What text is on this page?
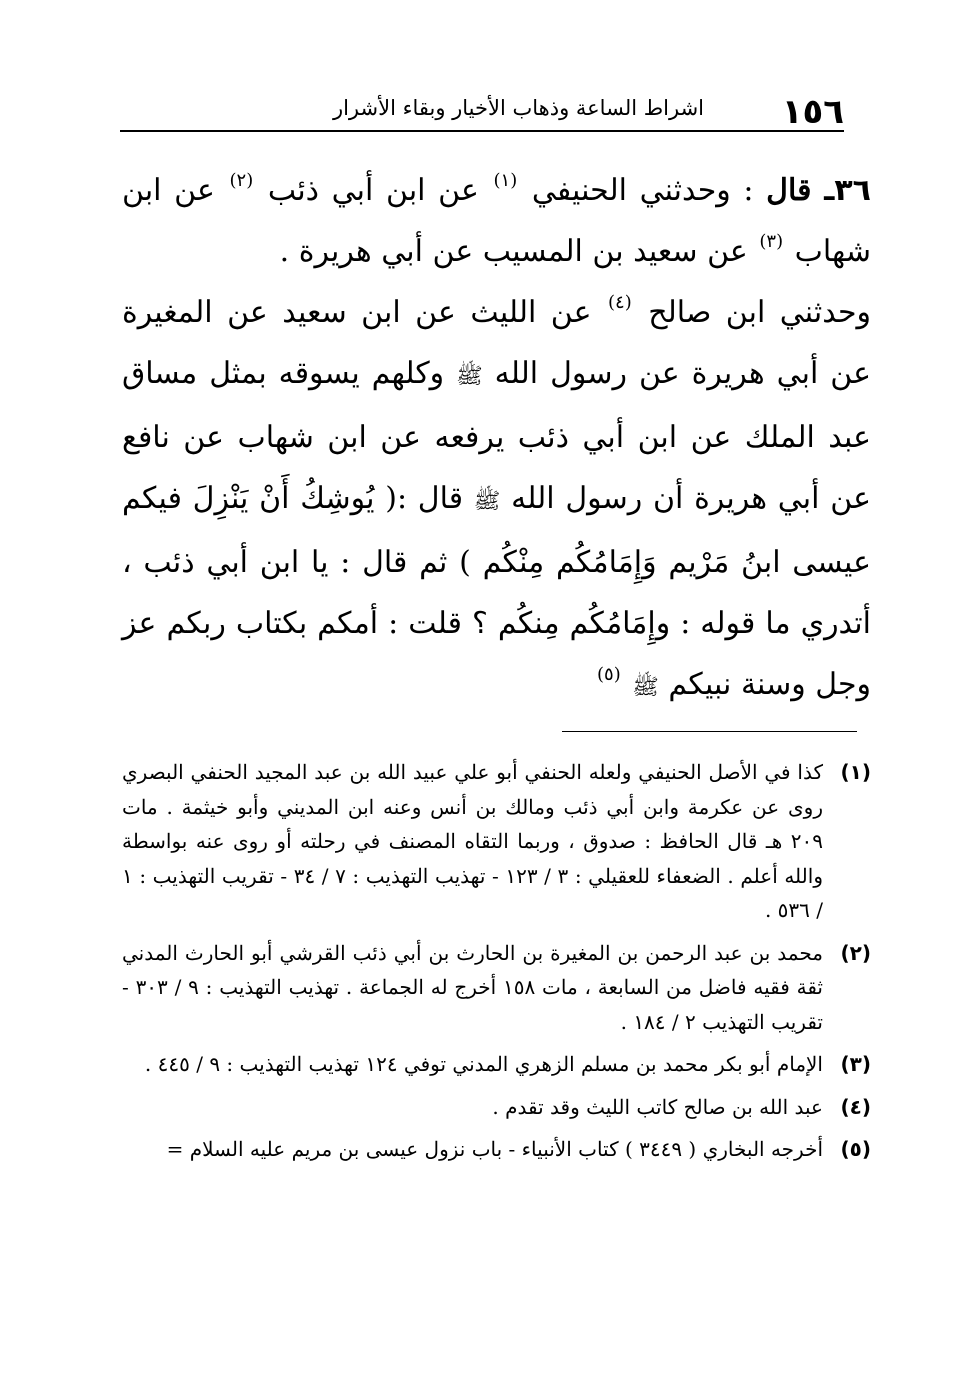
١٥٦
اشراط الساعة وذهاب الأخيار وبقاء الأشرار

٣٦ـ قال : وحدثني الحنيفي $^{(١)}$ عن ابن أبي ذئب $^{(٢)}$ عن ابن شهاب $^{(٣)}$ عن سعيد بن المسيب عن أبي هريرة .

وحدثني ابن صالح $^{(٤)}$ عن الليث عن ابن سعيد عن المغيرة عن أبي هريرة عن رسول الله ﷺ وكلهم يسوقه بمثل مساق عبد الملك عن ابن أبي ذئب يرفعه عن ابن شهاب عن نافع عن أبي هريرة أن رسول الله ﷺ قال :( يُوشِكُ أَنْ يَنْزِلَ فيكم عيسى ابنُ مَرْيم وَإِمَامُكُم مِنْكُم ) ثم قال : يا ابن أبي ذئب ، أتدري ما قوله : وإِمَامُكُم مِنكُم ؟ قلت : أمكم بكتاب ربكم عز وجل وسنة نبيكم ﷺ $^{(٥)}$

(١)
كذا في الأصل الحنيفي ولعله الحنفي أبو علي عبيد الله بن عبد المجيد الحنفي البصري روى عن عكرمة وابن أبي ذئب ومالك بن أنس وعنه ابن المديني وأبو خيثمة . مات ٢٠٩ هـ قال الحافظ : صدوق ، وربما التقاه المصنف في رحلته أو روى عنه بواسطة والله أعلم . الضعفاء للعقيلي : ٣ / ١٢٣ - تهذيب التهذيب : ٧ / ٣٤ - تقريب التهذيب : ١ / ٥٣٦ .
(٢)
محمد بن عبد الرحمن بن المغيرة بن الحارث بن أبي ذئب القرشي أبو الحارث المدني ثقة فقيه فاضل من السابعة ، مات ١٥٨ أخرج له الجماعة . تهذيب التهذيب : ٩ / ٣٠٣ - تقريب التهذيب ٢ / ١٨٤ .
(٣)
الإمام أبو بكر محمد بن مسلم الزهري المدني توفي ١٢٤ تهذيب التهذيب : ٩ / ٤٤٥ .
(٤)
عبد الله بن صالح كاتب الليث وقد تقدم .
(٥)
أخرجه البخاري ( ٣٤٤٩ ) كتاب الأنبياء - باب نزول عيسى بن مريم عليه السلام =
